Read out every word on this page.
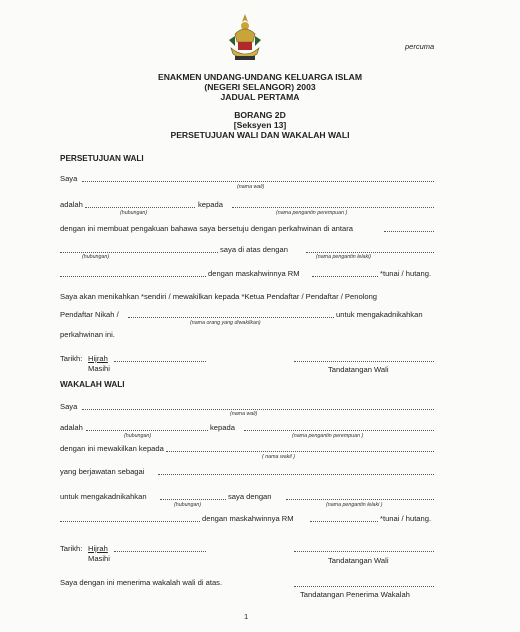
percuma
ENAKMEN UNDANG-UNDANG KELUARGA ISLAM
(NEGERI SELANGOR) 2003
JADUAL PERTAMA
BORANG 2D
[Seksyen 13]
PERSETUJUAN WALI DAN WAKALAH WALI
PERSETUJUAN WALI
Saya
(nama wali)
adalah	kepada
(hubungan)	(nama pengantin perempuan )
dengan ini membuat pengakuan bahawa saya bersetuju dengan perkahwinan di antara
saya di atas dengan
(hubungan)	(nama pengantin lelaki)
dengan maskahwinnya RM	*tunai / hutang.
Saya akan menikahkan *sendiri / mewakilkan kepada *Ketua Pendaftar / Pendaftar / Penolong
Pendaftar Nikah /	untuk mengakadnikahkan
(nama orang yang diwakilkan)
perkahwinan ini.
Tarikh: Hijrah
Masihi	Tandatangan Wali
WAKALAH WALI
Saya
(nama wali)
adalah	kepada
(hubungan)	(nama pengantin perempuan )
dengan ini mewakilkan kepada
( nama wakil )
yang berjawatan sebagai
untuk mengakadnikahkan	saya dengan
(hubungan)	(nama pengantin lelaki )
dengan maskahwinnya RM	*tunai / hutang.
Tarikh: Hijrah
Masihi	Tandatangan Wali
Saya dengan ini menerima wakalah wali di atas.
Tandatangan Penerima Wakalah
1
